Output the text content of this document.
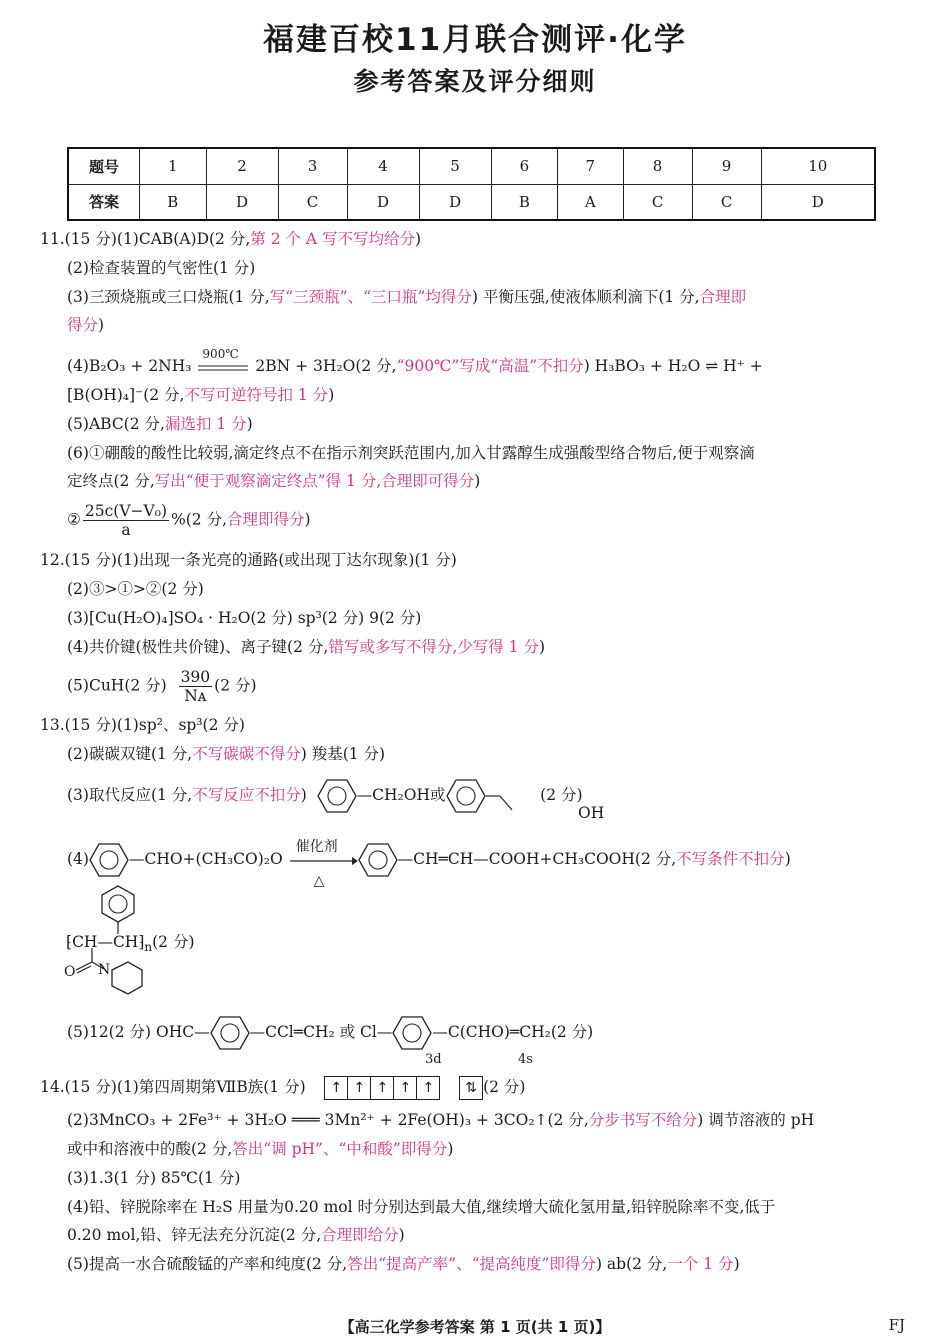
福建百校11月联合测评·化学
参考答案及评分细则
题号	1	2	3	4	5	6	7	8	9	10
答案	B	D	C	D	D	B	A	C	C	D
11.(15 分)(1)CAB(A)D(2 分,第 2 个 A 写不写均给分)
(2)检查装置的气密性(1 分)
(3)三颈烧瓶或三口烧瓶(1 分,写“三颈瓶”、“三口瓶”均得分) 平衡压强,使液体顺利滴下(1 分,合理即
得分)
(4)B₂O₃ + 2NH₃
900℃
2BN + 3H₂O(2 分,“900℃”写成“高温”不扣分) H₃BO₃ + H₂O ⇌ H⁺ +
[B(OH)₄]⁻(2 分,不写可逆符号扣 1 分)
(5)ABC(2 分,漏选扣 1 分)
(6)①硼酸的酸性比较弱,滴定终点不在指示剂突跃范围内,加入甘露醇生成强酸型络合物后,便于观察滴
定终点(2 分,写出“便于观察滴定终点”得 1 分,合理即可得分)
② $\frac{\text{25c(V−V₀)}}{a} \%(2$ 分,合理即得分)
12.(15 分)(1)出现一条光亮的通路(或出现丁达尔现象)(1 分)
(2)③>①>②(2 分)
(3)[Cu(H₂O)₄]SO₄ · H₂O(2 分) sp³(2 分) 9(2 分)
(4)共价键(极性共价键)、离子键(2 分,错写或多写不得分,少写得 1 分)
(5)CuH(2 分) $\frac{390}{\text{Nᴀ}} (2$ 分)
13.(15 分)(1)sp²、sp³(2 分)
(2)碳碳双键(1 分,不写碳碳不得分) 羧基(1 分)
(3)取代反应(1 分,不写反应不扣分)	—CH₂OH或	(2 分)
OH
(4)	—CHO+(CH₃CO)₂O
催化剂
△
—CH═CH—COOH+CH₃COOH(2 分,不写条件不扣分)
$⁅CH—CH⁆_n(2$ 分)
O N
(5)12(2 分) OHC—	—CCl═CH₂ 或 Cl—	—C(CHO)═CH₂(2 分)
3d	4s
14.(15 分)(1)第四周期第ⅦB族(1 分) ↑ ↑ ↑ ↑ ↑ ⇅ (2 分)
(2)3MnCO₃ + 2Fe³⁺ + 3H₂O ═══ 3Mn²⁺ + 2Fe(OH)₃ + 3CO₂↑(2 分,分步书写不给分) 调节溶液的 pH
或中和溶液中的酸(2 分,答出“调 pH”、“中和酸”即得分)
(3)1.3(1 分) 85℃(1 分)
(4)铅、锌脱除率在 H₂S 用量为0.20 mol 时分别达到最大值,继续增大硫化氢用量,铅锌脱除率不变,低于
0.20 mol,铅、锌无法充分沉淀(2 分,合理即给分)
(5)提高一水合硫酸锰的产率和纯度(2 分,答出“提高产率”、“提高纯度”即得分) ab(2 分,一个 1 分)
【高三化学参考答案 第 1 页(共 1 页)】	FJ
